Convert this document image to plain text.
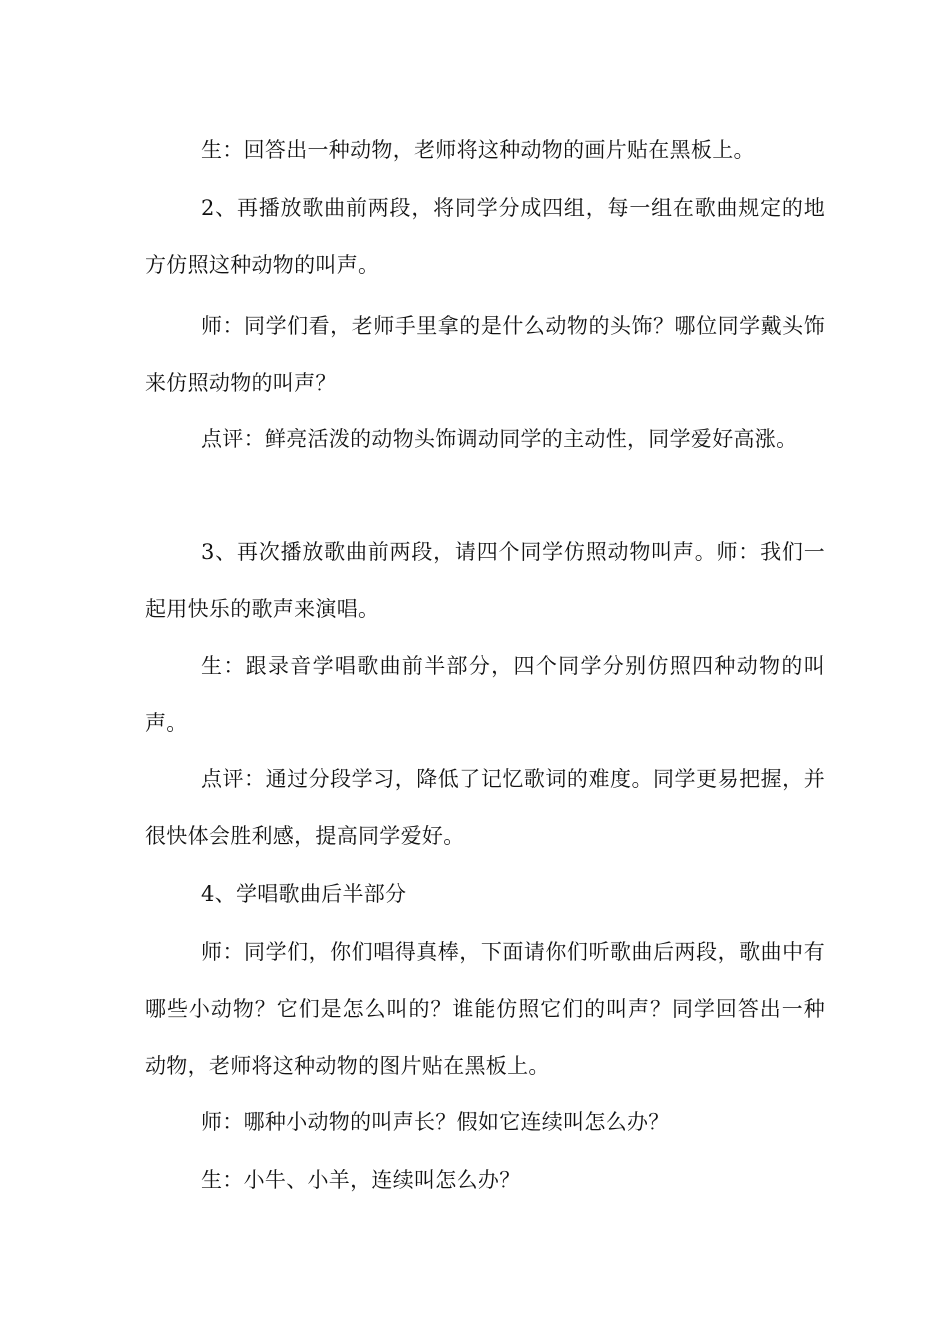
生：回答出一种动物，老师将这种动物的画片贴在黑板上。

2、再播放歌曲前两段，将同学分成四组，每一组在歌曲规定的地方仿照这种动物的叫声。

师：同学们看，老师手里拿的是什么动物的头饰？哪位同学戴头饰来仿照动物的叫声？

点评：鲜亮活泼的动物头饰调动同学的主动性，同学爱好高涨。

3、再次播放歌曲前两段，请四个同学仿照动物叫声。师：我们一起用快乐的歌声来演唱。

生：跟录音学唱歌曲前半部分，四个同学分别仿照四种动物的叫声。

点评：通过分段学习，降低了记忆歌词的难度。同学更易把握，并很快体会胜利感，提高同学爱好。

4、学唱歌曲后半部分

师：同学们，你们唱得真棒，下面请你们听歌曲后两段，歌曲中有哪些小动物？它们是怎么叫的？谁能仿照它们的叫声？同学回答出一种动物，老师将这种动物的图片贴在黑板上。

师：哪种小动物的叫声长？假如它连续叫怎么办？

生：小牛、小羊，连续叫怎么办？
